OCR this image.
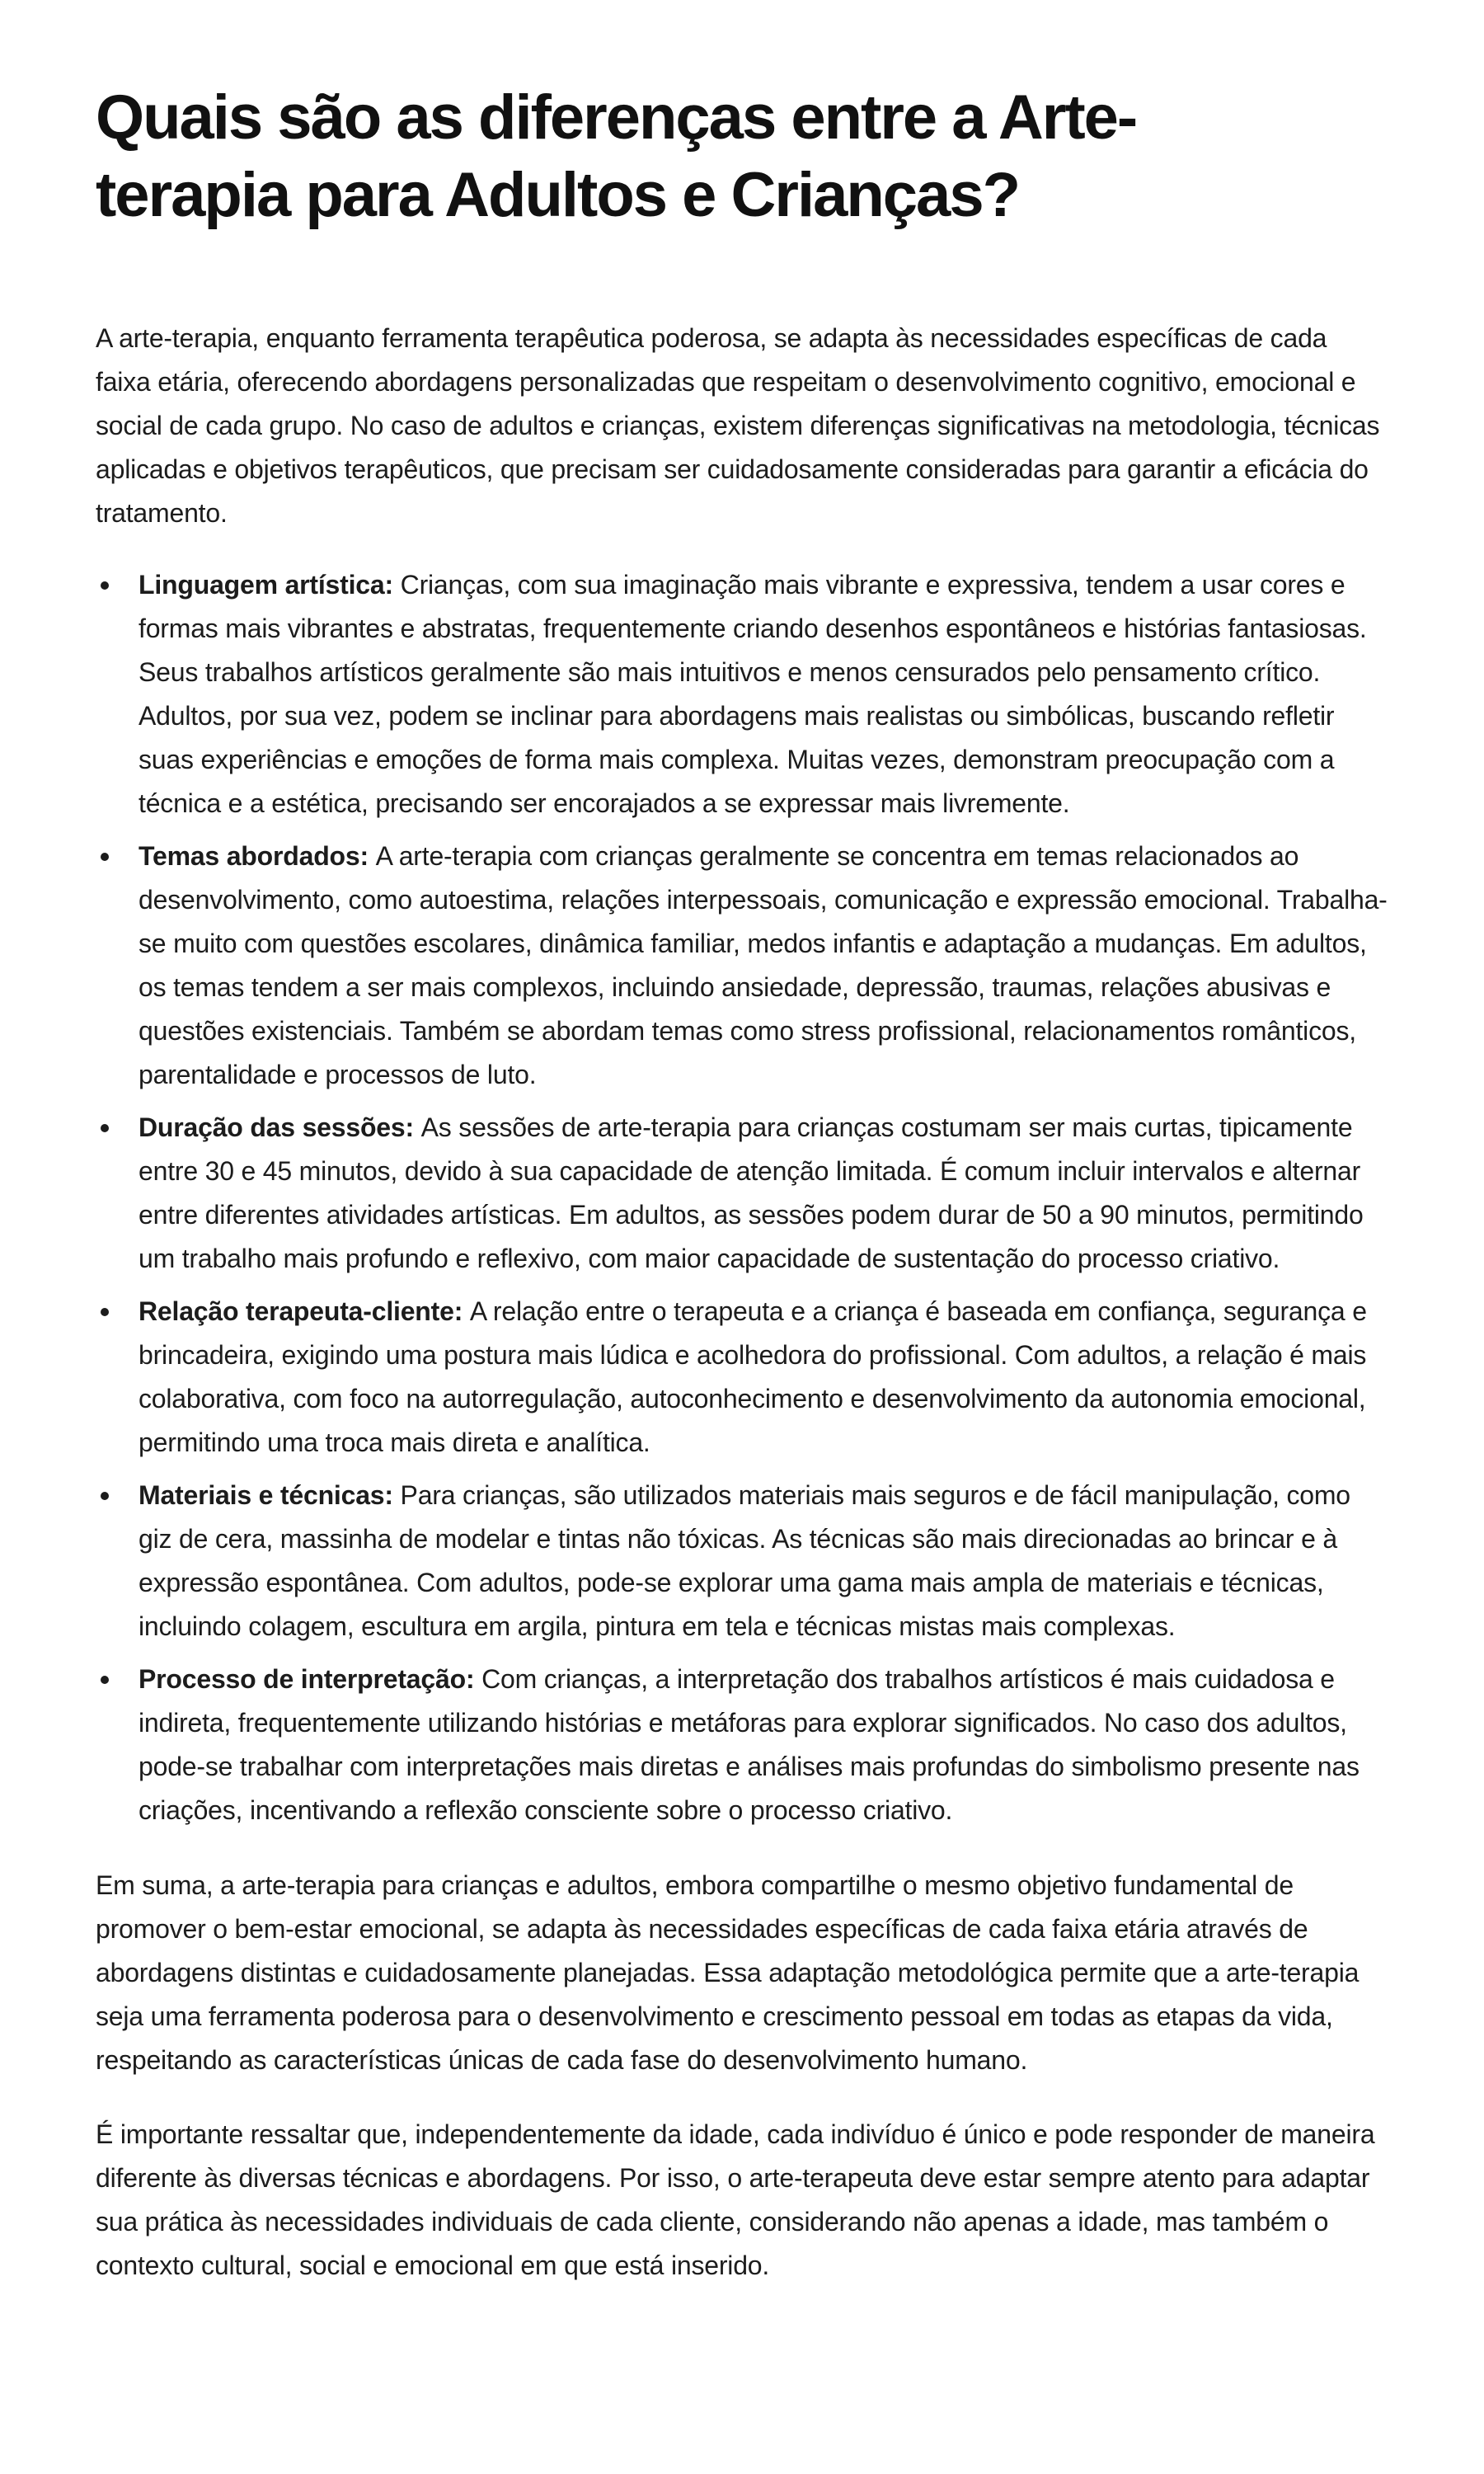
Quais são as diferenças entre a Arte-terapia para Adultos e Crianças?

A arte-terapia, enquanto ferramenta terapêutica poderosa, se adapta às necessidades específicas de cada faixa etária, oferecendo abordagens personalizadas que respeitam o desenvolvimento cognitivo, emocional e social de cada grupo. No caso de adultos e crianças, existem diferenças significativas na metodologia, técnicas aplicadas e objetivos terapêuticos, que precisam ser cuidadosamente consideradas para garantir a eficácia do tratamento.

Linguagem artística: Crianças, com sua imaginação mais vibrante e expressiva, tendem a usar cores e formas mais vibrantes e abstratas, frequentemente criando desenhos espontâneos e histórias fantasiosas. Seus trabalhos artísticos geralmente são mais intuitivos e menos censurados pelo pensamento crítico. Adultos, por sua vez, podem se inclinar para abordagens mais realistas ou simbólicas, buscando refletir suas experiências e emoções de forma mais complexa. Muitas vezes, demonstram preocupação com a técnica e a estética, precisando ser encorajados a se expressar mais livremente.
Temas abordados: A arte-terapia com crianças geralmente se concentra em temas relacionados ao desenvolvimento, como autoestima, relações interpessoais, comunicação e expressão emocional. Trabalha-se muito com questões escolares, dinâmica familiar, medos infantis e adaptação a mudanças. Em adultos, os temas tendem a ser mais complexos, incluindo ansiedade, depressão, traumas, relações abusivas e questões existenciais. Também se abordam temas como stress profissional, relacionamentos românticos, parentalidade e processos de luto.
Duração das sessões: As sessões de arte-terapia para crianças costumam ser mais curtas, tipicamente entre 30 e 45 minutos, devido à sua capacidade de atenção limitada. É comum incluir intervalos e alternar entre diferentes atividades artísticas. Em adultos, as sessões podem durar de 50 a 90 minutos, permitindo um trabalho mais profundo e reflexivo, com maior capacidade de sustentação do processo criativo.
Relação terapeuta-cliente: A relação entre o terapeuta e a criança é baseada em confiança, segurança e brincadeira, exigindo uma postura mais lúdica e acolhedora do profissional. Com adultos, a relação é mais colaborativa, com foco na autorregulação, autoconhecimento e desenvolvimento da autonomia emocional, permitindo uma troca mais direta e analítica.
Materiais e técnicas: Para crianças, são utilizados materiais mais seguros e de fácil manipulação, como giz de cera, massinha de modelar e tintas não tóxicas. As técnicas são mais direcionadas ao brincar e à expressão espontânea. Com adultos, pode-se explorar uma gama mais ampla de materiais e técnicas, incluindo colagem, escultura em argila, pintura em tela e técnicas mistas mais complexas.
Processo de interpretação: Com crianças, a interpretação dos trabalhos artísticos é mais cuidadosa e indireta, frequentemente utilizando histórias e metáforas para explorar significados. No caso dos adultos, pode-se trabalhar com interpretações mais diretas e análises mais profundas do simbolismo presente nas criações, incentivando a reflexão consciente sobre o processo criativo.

Em suma, a arte-terapia para crianças e adultos, embora compartilhe o mesmo objetivo fundamental de promover o bem-estar emocional, se adapta às necessidades específicas de cada faixa etária através de abordagens distintas e cuidadosamente planejadas. Essa adaptação metodológica permite que a arte-terapia seja uma ferramenta poderosa para o desenvolvimento e crescimento pessoal em todas as etapas da vida, respeitando as características únicas de cada fase do desenvolvimento humano.

É importante ressaltar que, independentemente da idade, cada indivíduo é único e pode responder de maneira diferente às diversas técnicas e abordagens. Por isso, o arte-terapeuta deve estar sempre atento para adaptar sua prática às necessidades individuais de cada cliente, considerando não apenas a idade, mas também o contexto cultural, social e emocional em que está inserido.
